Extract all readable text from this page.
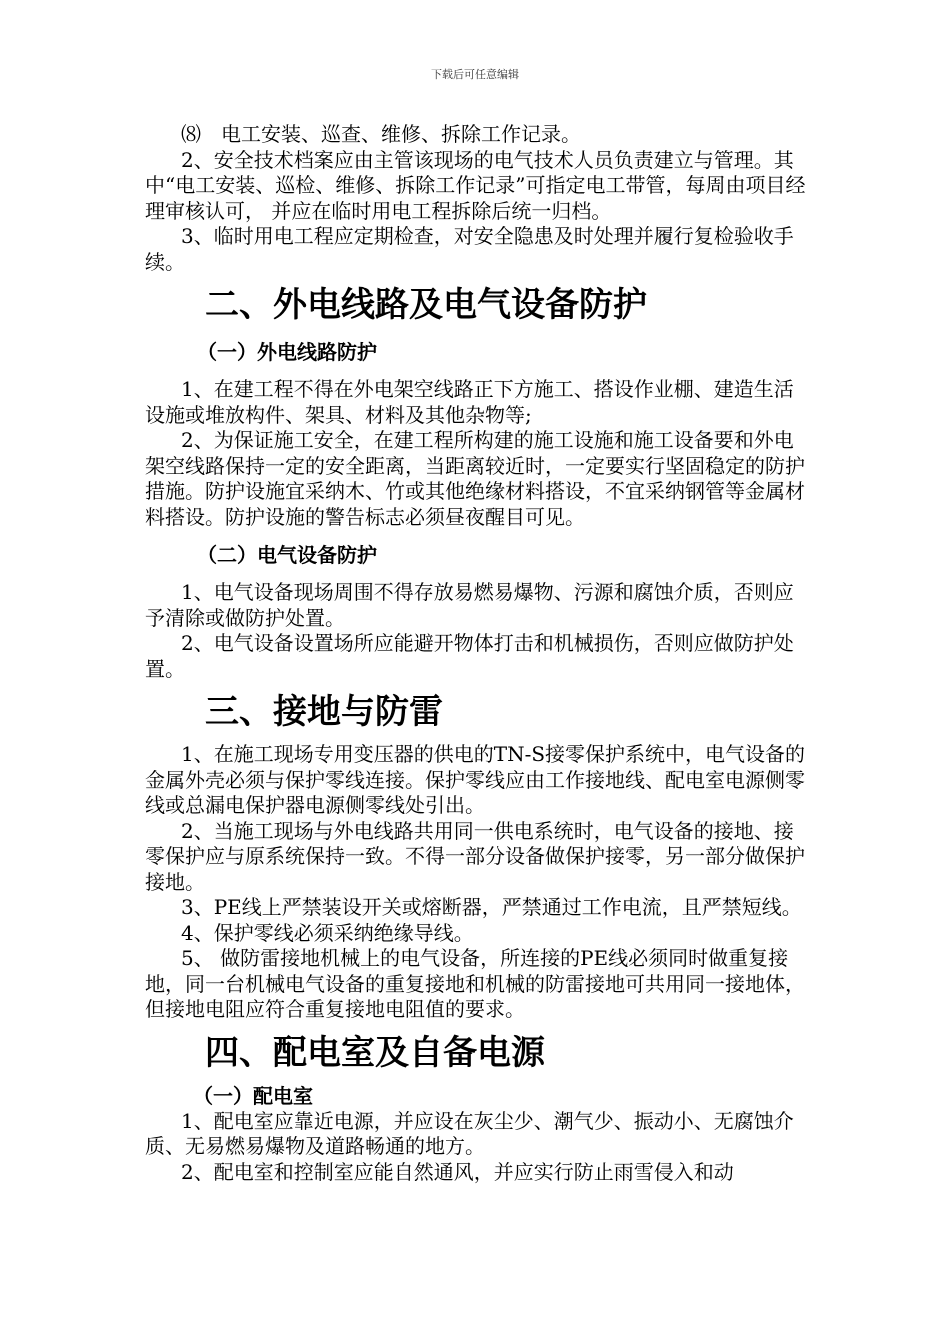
下载后可任意编辑

⑻　电工安装、巡查、维修、拆除工作记录。

2、安全技术档案应由主管该现场的电气技术人员负责建立与管理。其中“电工安装、巡检、维修、拆除工作记录”可指定电工带管，每周由项目经理审核认可， 并应在临时用电工程拆除后统一归档。

3、临时用电工程应定期检查，对安全隐患及时处理并履行复检验收手续。

二、外电线路及电气设备防护
（一）外电线路防护

1、在建工程不得在外电架空线路正下方施工、搭设作业棚、建造生活设施或堆放构件、架具、材料及其他杂物等;

2、为保证施工安全，在建工程所构建的施工设施和施工设备要和外电架空线路保持一定的安全距离，当距离较近时，一定要实行坚固稳定的防护措施。防护设施宜采纳木、竹或其他绝缘材料搭设，不宜采纳钢管等金属材料搭设。防护设施的警告标志必须昼夜醒目可见。

（二）电气设备防护

1、电气设备现场周围不得存放易燃易爆物、污源和腐蚀介质，否则应予清除或做防护处置。

2、电气设备设置场所应能避开物体打击和机械损伤，否则应做防护处置。

三、接地与防雷

1、在施工现场专用变压器的供电的TN-S接零保护系统中，电气设备的金属外壳必须与保护零线连接。保护零线应由工作接地线、配电室电源侧零线或总漏电保护器电源侧零线处引出。

2、当施工现场与外电线路共用同一供电系统时，电气设备的接地、接零保护应与原系统保持一致。不得一部分设备做保护接零，另一部分做保护接地。

3、PE线上严禁装设开关或熔断器，严禁通过工作电流，且严禁短线。

4、保护零线必须采纳绝缘导线。

5、 做防雷接地机械上的电气设备，所连接的PE线必须同时做重复接地，同一台机械电气设备的重复接地和机械的防雷接地可共用同一接地体，但接地电阻应符合重复接地电阻值的要求。

四、配电室及自备电源
（一）配电室

1、配电室应靠近电源，并应设在灰尘少、潮气少、振动小、无腐蚀介质、无易燃易爆物及道路畅通的地方。

2、配电室和控制室应能自然通风，并应实行防止雨雪侵入和动
